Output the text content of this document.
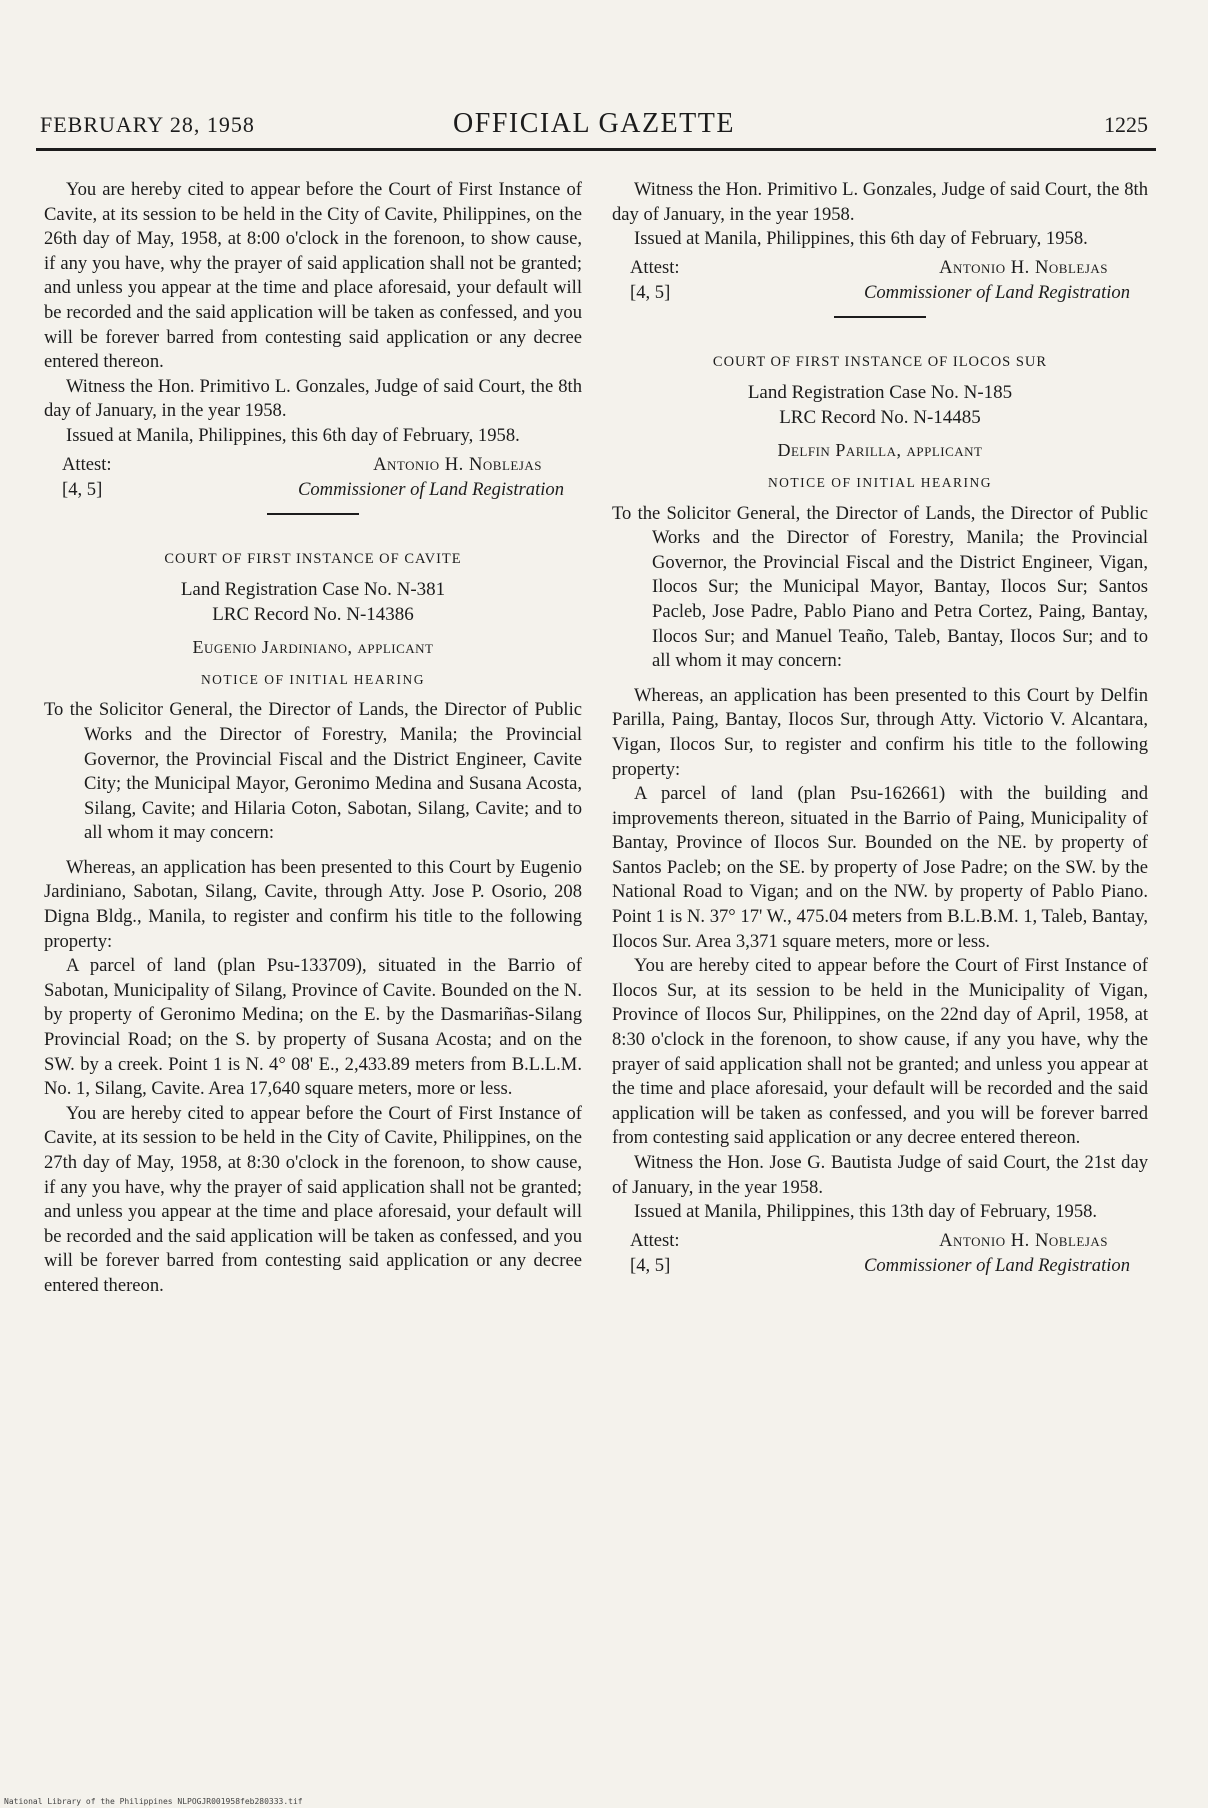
FEBRUARY 28, 1958	OFFICIAL GAZETTE	1225

You are hereby cited to appear before the Court of First Instance of Cavite, at its session to be held in the City of Cavite, Philippines, on the 26th day of May, 1958, at 8:00 o'clock in the forenoon, to show cause, if any you have, why the prayer of said application shall not be granted; and unless you appear at the time and place aforesaid, your default will be recorded and the said application will be taken as confessed, and you will be forever barred from contesting said application or any decree entered thereon.

Witness the Hon. Primitivo L. Gonzales, Judge of said Court, the 8th day of January, in the year 1958.

Issued at Manila, Philippines, this 6th day of February, 1958.

Attest:
[4, 5]
Antonio H. Noblejas
Commissioner of Land Registration
COURT OF FIRST INSTANCE OF CAVITE
Land Registration Case No. N-381
LRC Record No. N-14386
Eugenio Jardiniano, applicant
NOTICE OF INITIAL HEARING
To the Solicitor General, the Director of Lands, the Director of Public Works and the Director of Forestry, Manila; the Provincial Governor, the Provincial Fiscal and the District Engineer, Cavite City; the Municipal Mayor, Geronimo Medina and Susana Acosta, Silang, Cavite; and Hilaria Coton, Sabotan, Silang, Cavite; and to all whom it may concern:

Whereas, an application has been presented to this Court by Eugenio Jardiniano, Sabotan, Silang, Cavite, through Atty. Jose P. Osorio, 208 Digna Bldg., Manila, to register and confirm his title to the following property:

A parcel of land (plan Psu-133709), situated in the Barrio of Sabotan, Municipality of Silang, Province of Cavite. Bounded on the N. by property of Geronimo Medina; on the E. by the Dasmariñas-Silang Provincial Road; on the S. by property of Susana Acosta; and on the SW. by a creek. Point 1 is N. 4° 08' E., 2,433.89 meters from B.L.L.M. No. 1, Silang, Cavite. Area 17,640 square meters, more or less.

You are hereby cited to appear before the Court of First Instance of Cavite, at its session to be held in the City of Cavite, Philippines, on the 27th day of May, 1958, at 8:30 o'clock in the forenoon, to show cause, if any you have, why the prayer of said application shall not be granted; and unless you appear at the time and place aforesaid, your default will be recorded and the said application will be taken as confessed, and you will be forever barred from contesting said application or any decree entered thereon.

Witness the Hon. Primitivo L. Gonzales, Judge of said Court, the 8th day of January, in the year 1958.

Issued at Manila, Philippines, this 6th day of February, 1958.

Attest:
[4, 5]
Antonio H. Noblejas
Commissioner of Land Registration
COURT OF FIRST INSTANCE OF ILOCOS SUR
Land Registration Case No. N-185
LRC Record No. N-14485
Delfin Parilla, applicant
NOTICE OF INITIAL HEARING
To the Solicitor General, the Director of Lands, the Director of Public Works and the Director of Forestry, Manila; the Provincial Governor, the Provincial Fiscal and the District Engineer, Vigan, Ilocos Sur; the Municipal Mayor, Bantay, Ilocos Sur; Santos Pacleb, Jose Padre, Pablo Piano and Petra Cortez, Paing, Bantay, Ilocos Sur; and Manuel Teaño, Taleb, Bantay, Ilocos Sur; and to all whom it may concern:

Whereas, an application has been presented to this Court by Delfin Parilla, Paing, Bantay, Ilocos Sur, through Atty. Victorio V. Alcantara, Vigan, Ilocos Sur, to register and confirm his title to the following property:

A parcel of land (plan Psu-162661) with the building and improvements thereon, situated in the Barrio of Paing, Municipality of Bantay, Province of Ilocos Sur. Bounded on the NE. by property of Santos Pacleb; on the SE. by property of Jose Padre; on the SW. by the National Road to Vigan; and on the NW. by property of Pablo Piano. Point 1 is N. 37° 17' W., 475.04 meters from B.L.B.M. 1, Taleb, Bantay, Ilocos Sur. Area 3,371 square meters, more or less.

You are hereby cited to appear before the Court of First Instance of Ilocos Sur, at its session to be held in the Municipality of Vigan, Province of Ilocos Sur, Philippines, on the 22nd day of April, 1958, at 8:30 o'clock in the forenoon, to show cause, if any you have, why the prayer of said application shall not be granted; and unless you appear at the time and place aforesaid, your default will be recorded and the said application will be taken as confessed, and you will be forever barred from contesting said application or any decree entered thereon.

Witness the Hon. Jose G. Bautista Judge of said Court, the 21st day of January, in the year 1958.

Issued at Manila, Philippines, this 13th day of February, 1958.

Attest:
[4, 5]
Antonio H. Noblejas
Commissioner of Land Registration
National Library of the Philippines NLPOGJR001958feb280333.tif
